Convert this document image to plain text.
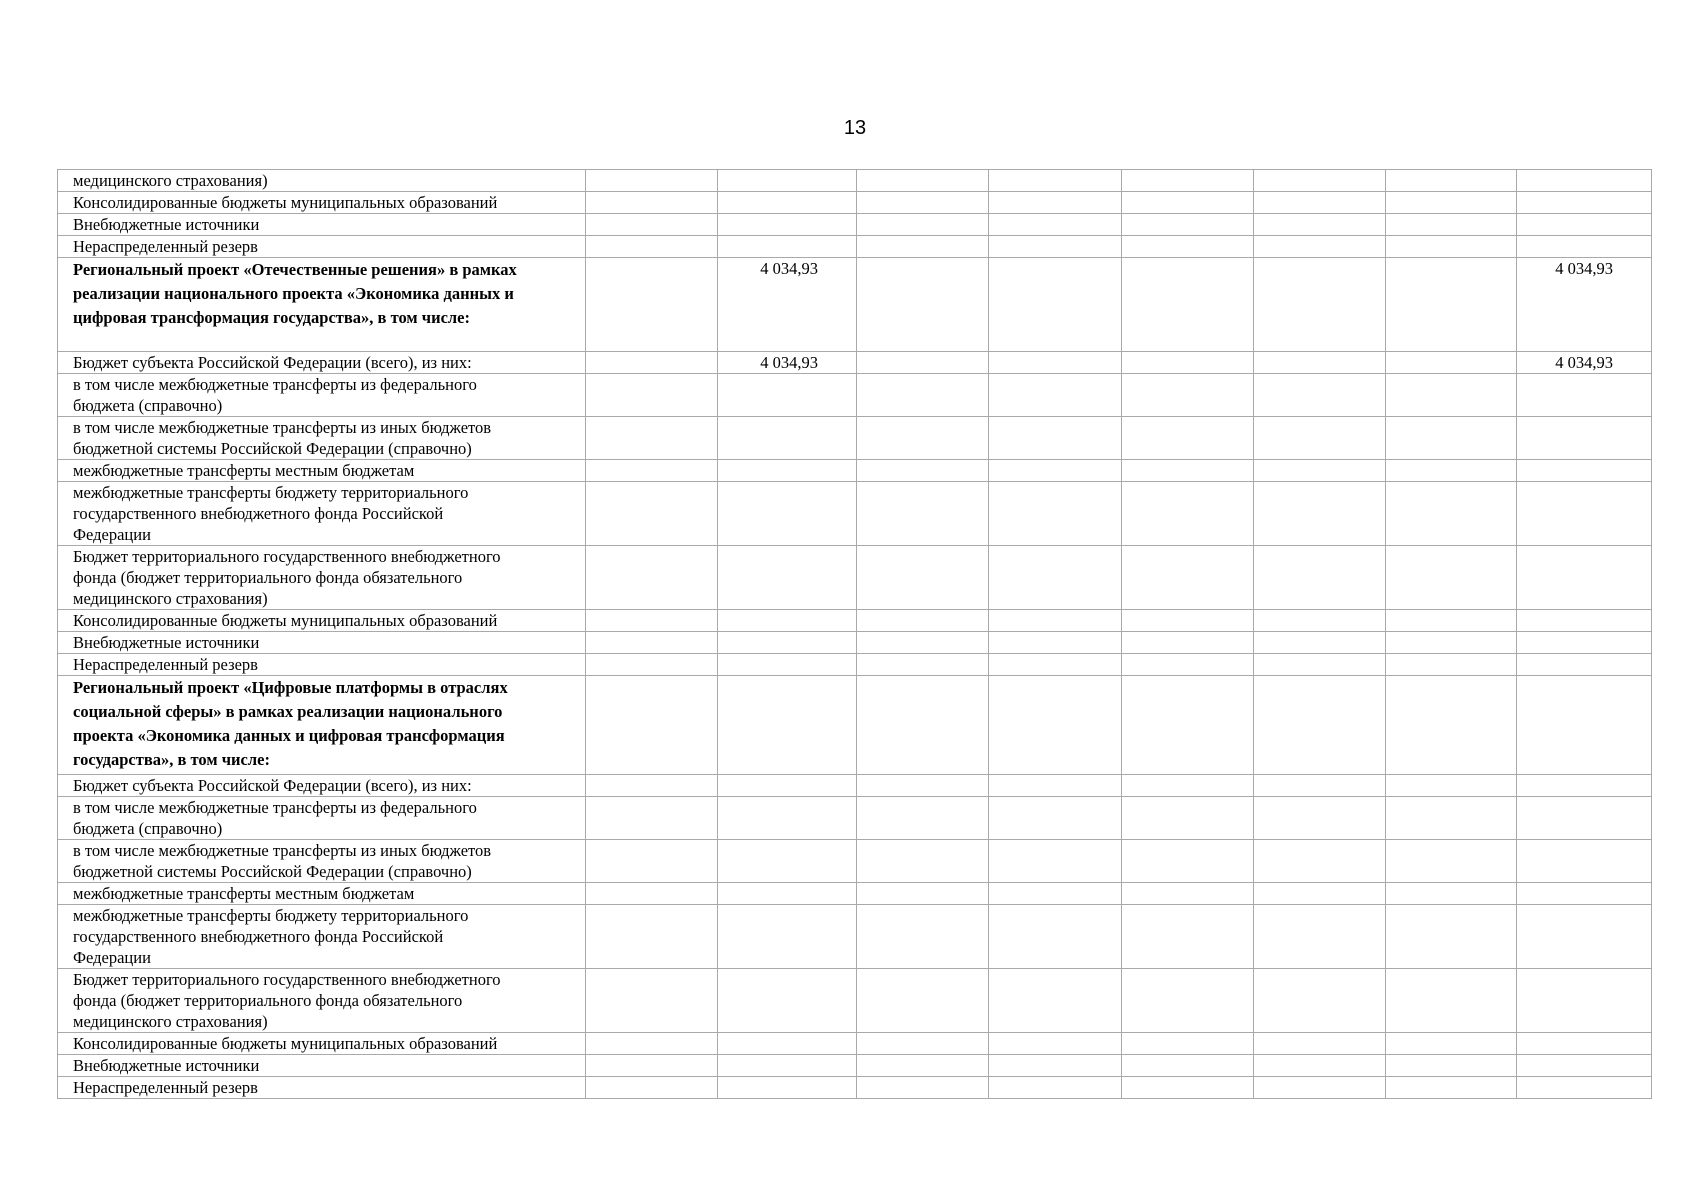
13
медицинского страхования)								
Консолидированные бюджеты муниципальных образований								
Внебюджетные источники								
Нераспределенный резерв								
Региональный проект «Отечественные решения» в рамках
реализации национального проекта «Экономика данных и
цифровая трансформация государства», в том числе:		4 034,93						4 034,93
Бюджет субъекта Российской Федерации (всего), из них:		4 034,93						4 034,93
в том числе межбюджетные трансферты из федерального
бюджета (справочно)								
в том числе межбюджетные трансферты из иных бюджетов
бюджетной системы Российской Федерации (справочно)								
межбюджетные трансферты местным бюджетам								
межбюджетные трансферты бюджету территориального
государственного внебюджетного фонда Российской
Федерации								
Бюджет территориального государственного внебюджетного
фонда (бюджет территориального фонда обязательного
медицинского страхования)								
Консолидированные бюджеты муниципальных образований								
Внебюджетные источники								
Нераспределенный резерв								
Региональный проект «Цифровые платформы в отраслях
социальной сферы» в рамках реализации национального
проекта «Экономика данных и цифровая трансформация
государства», в том числе:								
Бюджет субъекта Российской Федерации (всего), из них:								
в том числе межбюджетные трансферты из федерального
бюджета (справочно)								
в том числе межбюджетные трансферты из иных бюджетов
бюджетной системы Российской Федерации (справочно)								
межбюджетные трансферты местным бюджетам								
межбюджетные трансферты бюджету территориального
государственного внебюджетного фонда Российской
Федерации								
Бюджет территориального государственного внебюджетного
фонда (бюджет территориального фонда обязательного
медицинского страхования)								
Консолидированные бюджеты муниципальных образований								
Внебюджетные источники								
Нераспределенный резерв								
